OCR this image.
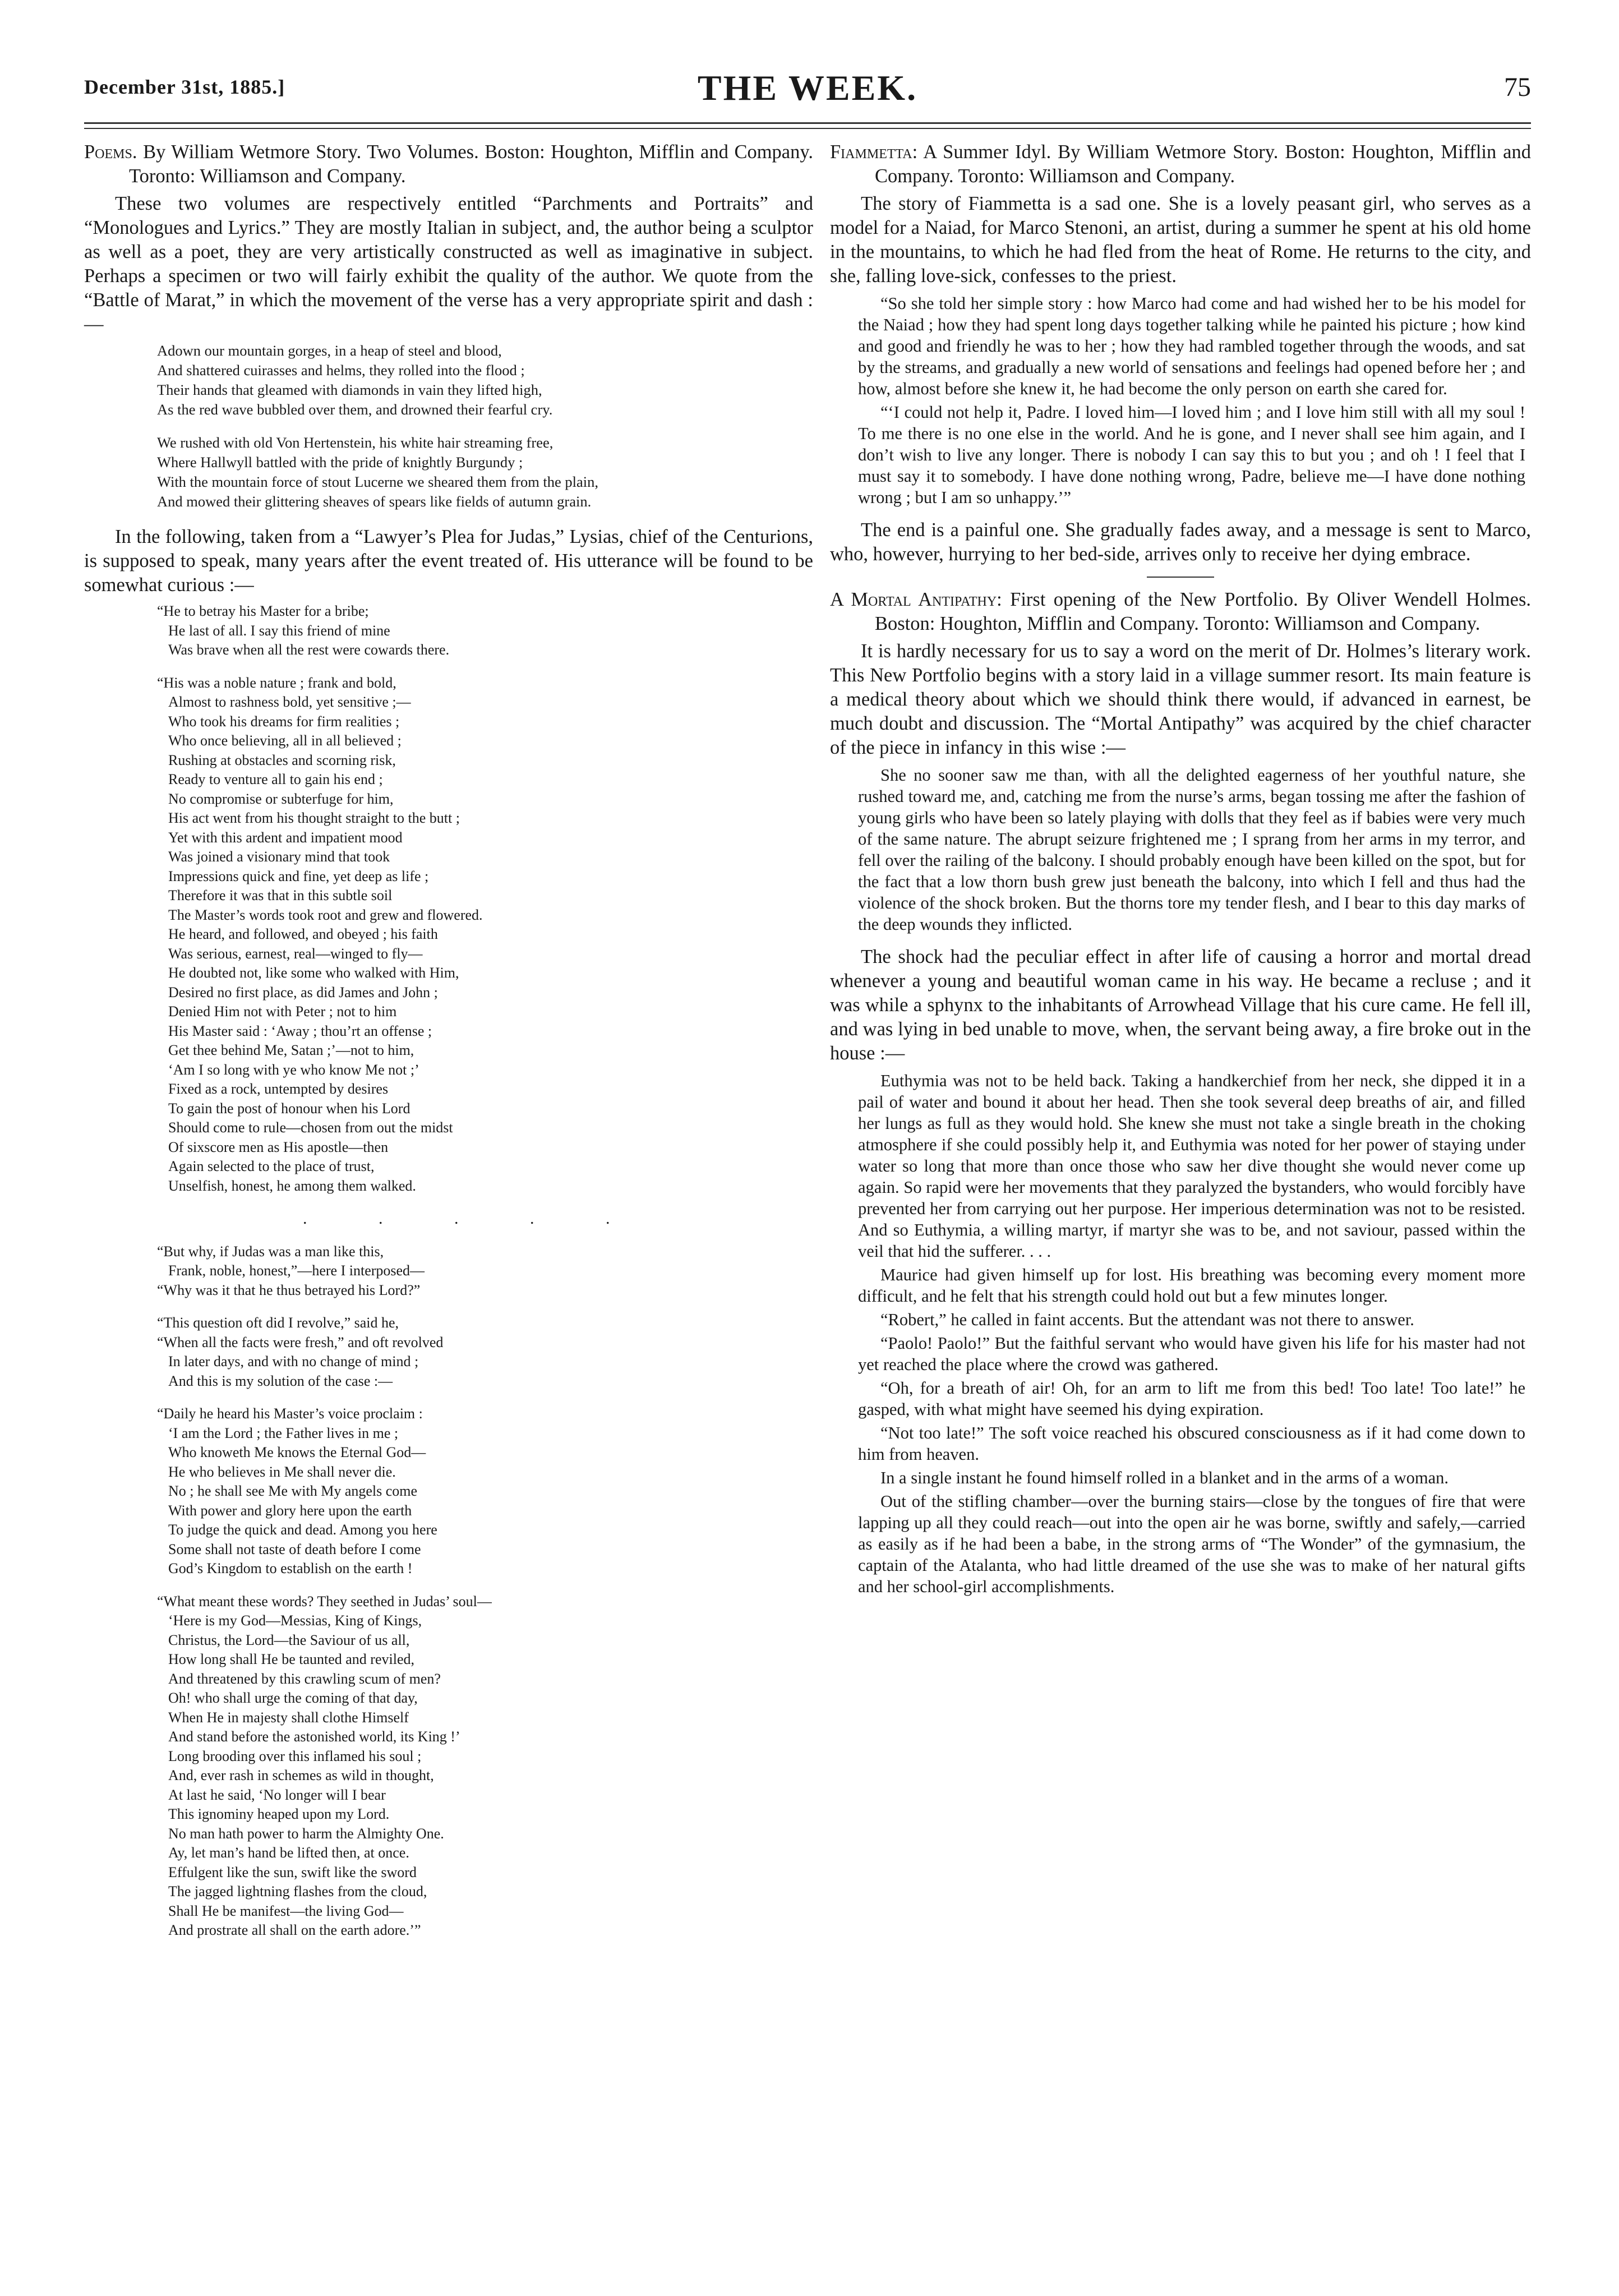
December 31st, 1885.]	THE WEEK.	75

Poems. By William Wetmore Story. Two Volumes. Boston: Houghton, Mifflin and Company. Toronto: Williamson and Company.

These two volumes are respectively entitled “Parchments and Portraits” and “Monologues and Lyrics.” They are mostly Italian in subject, and, the author being a sculptor as well as a poet, they are very artistically constructed as well as imaginative in subject. Perhaps a specimen or two will fairly exhibit the quality of the author. We quote from the “Battle of Marat,” in which the movement of the verse has a very appropriate spirit and dash :—

Adown our mountain gorges, in a heap of steel and blood,
And shattered cuirasses and helms, they rolled into the flood ;
Their hands that gleamed with diamonds in vain they lifted high,
As the red wave bubbled over them, and drowned their fearful cry.
We rushed with old Von Hertenstein, his white hair streaming free,
Where Hallwyll battled with the pride of knightly Burgundy ;
With the mountain force of stout Lucerne we sheared them from the plain,
And mowed their glittering sheaves of spears like fields of autumn grain.

In the following, taken from a “Lawyer’s Plea for Judas,” Lysias, chief of the Centurions, is supposed to speak, many years after the event treated of. His utterance will be found to be somewhat curious :—

“He to betray his Master for a bribe;
He last of all. I say this friend of mine
Was brave when all the rest were cowards there.
“His was a noble nature ; frank and bold,
Almost to rashness bold, yet sensitive ;—
Who took his dreams for firm realities ;
Who once believing, all in all believed ;
Rushing at obstacles and scorning risk,
Ready to venture all to gain his end ;
No compromise or subterfuge for him,
His act went from his thought straight to the butt ;
Yet with this ardent and impatient mood
Was joined a visionary mind that took
Impressions quick and fine, yet deep as life ;
Therefore it was that in this subtle soil
The Master’s words took root and grew and flowered.
He heard, and followed, and obeyed ; his faith
Was serious, earnest, real—winged to fly—
He doubted not, like some who walked with Him,
Desired no first place, as did James and John ;
Denied Him not with Peter ; not to him
His Master said : ‘Away ; thou’rt an offense ;
Get thee behind Me, Satan ;’—not to him,
‘Am I so long with ye who know Me not ;’
Fixed as a rock, untempted by desires
To gain the post of honour when his Lord
Should come to rule—chosen from out the midst
Of sixscore men as His apostle—then
Again selected to the place of trust,
Unselfish, honest, he among them walked.
. . . . .
“But why, if Judas was a man like this,
Frank, noble, honest,”—here I interposed—
“Why was it that he thus betrayed his Lord?”
“This question oft did I revolve,” said he,
“When all the facts were fresh,” and oft revolved
In later days, and with no change of mind ;
And this is my solution of the case :—
“Daily he heard his Master’s voice proclaim :
‘I am the Lord ; the Father lives in me ;
Who knoweth Me knows the Eternal God—
He who believes in Me shall never die.
No ; he shall see Me with My angels come
With power and glory here upon the earth
To judge the quick and dead. Among you here
Some shall not taste of death before I come
God’s Kingdom to establish on the earth !
“What meant these words? They seethed in Judas’ soul—
‘Here is my God—Messias, King of Kings,
Christus, the Lord—the Saviour of us all,
How long shall He be taunted and reviled,
And threatened by this crawling scum of men?
Oh! who shall urge the coming of that day,
When He in majesty shall clothe Himself
And stand before the astonished world, its King !’
Long brooding over this inflamed his soul ;
And, ever rash in schemes as wild in thought,
At last he said, ‘No longer will I bear
This ignominy heaped upon my Lord.
No man hath power to harm the Almighty One.
Ay, let man’s hand be lifted then, at once.
Effulgent like the sun, swift like the sword
The jagged lightning flashes from the cloud,
Shall He be manifest—the living God—
And prostrate all shall on the earth adore.’”

Fiammetta: A Summer Idyl. By William Wetmore Story. Boston: Houghton, Mifflin and Company. Toronto: Williamson and Company.

The story of Fiammetta is a sad one. She is a lovely peasant girl, who serves as a model for a Naiad, for Marco Stenoni, an artist, during a summer he spent at his old home in the mountains, to which he had fled from the heat of Rome. He returns to the city, and she, falling love-sick, confesses to the priest.

“So she told her simple story : how Marco had come and had wished her to be his model for the Naiad ; how they had spent long days together talking while he painted his picture ; how kind and good and friendly he was to her ; how they had rambled together through the woods, and sat by the streams, and gradually a new world of sensations and feelings had opened before her ; and how, almost before she knew it, he had become the only person on earth she cared for.

“‘I could not help it, Padre. I loved him—I loved him ; and I love him still with all my soul ! To me there is no one else in the world. And he is gone, and I never shall see him again, and I don’t wish to live any longer. There is nobody I can say this to but you ; and oh ! I feel that I must say it to somebody. I have done nothing wrong, Padre, believe me—I have done nothing wrong ; but I am so unhappy.’”

The end is a painful one. She gradually fades away, and a message is sent to Marco, who, however, hurrying to her bed-side, arrives only to receive her dying embrace.

A Mortal Antipathy: First opening of the New Portfolio. By Oliver Wendell Holmes. Boston: Houghton, Mifflin and Company. Toronto: Williamson and Company.

It is hardly necessary for us to say a word on the merit of Dr. Holmes’s literary work. This New Portfolio begins with a story laid in a village summer resort. Its main feature is a medical theory about which we should think there would, if advanced in earnest, be much doubt and discussion. The “Mortal Antipathy” was acquired by the chief character of the piece in infancy in this wise :—

She no sooner saw me than, with all the delighted eagerness of her youthful nature, she rushed toward me, and, catching me from the nurse’s arms, began tossing me after the fashion of young girls who have been so lately playing with dolls that they feel as if babies were very much of the same nature. The abrupt seizure frightened me ; I sprang from her arms in my terror, and fell over the railing of the balcony. I should probably enough have been killed on the spot, but for the fact that a low thorn bush grew just beneath the balcony, into which I fell and thus had the violence of the shock broken. But the thorns tore my tender flesh, and I bear to this day marks of the deep wounds they inflicted.

The shock had the peculiar effect in after life of causing a horror and mortal dread whenever a young and beautiful woman came in his way. He became a recluse ; and it was while a sphynx to the inhabitants of Arrowhead Village that his cure came. He fell ill, and was lying in bed unable to move, when, the servant being away, a fire broke out in the house :—

Euthymia was not to be held back. Taking a handkerchief from her neck, she dipped it in a pail of water and bound it about her head. Then she took several deep breaths of air, and filled her lungs as full as they would hold. She knew she must not take a single breath in the choking atmosphere if she could possibly help it, and Euthymia was noted for her power of staying under water so long that more than once those who saw her dive thought she would never come up again. So rapid were her movements that they paralyzed the bystanders, who would forcibly have prevented her from carrying out her purpose. Her imperious determination was not to be resisted. And so Euthymia, a willing martyr, if martyr she was to be, and not saviour, passed within the veil that hid the sufferer. . . .

Maurice had given himself up for lost. His breathing was becoming every moment more difficult, and he felt that his strength could hold out but a few minutes longer.

“Robert,” he called in faint accents. But the attendant was not there to answer.

“Paolo! Paolo!” But the faithful servant who would have given his life for his master had not yet reached the place where the crowd was gathered.

“Oh, for a breath of air! Oh, for an arm to lift me from this bed! Too late! Too late!” he gasped, with what might have seemed his dying expiration.

“Not too late!” The soft voice reached his obscured consciousness as if it had come down to him from heaven.

In a single instant he found himself rolled in a blanket and in the arms of a woman.

Out of the stifling chamber—over the burning stairs—close by the tongues of fire that were lapping up all they could reach—out into the open air he was borne, swiftly and safely,—carried as easily as if he had been a babe, in the strong arms of “The Wonder” of the gymnasium, the captain of the Atalanta, who had little dreamed of the use she was to make of her natural gifts and her school-girl accomplishments.
